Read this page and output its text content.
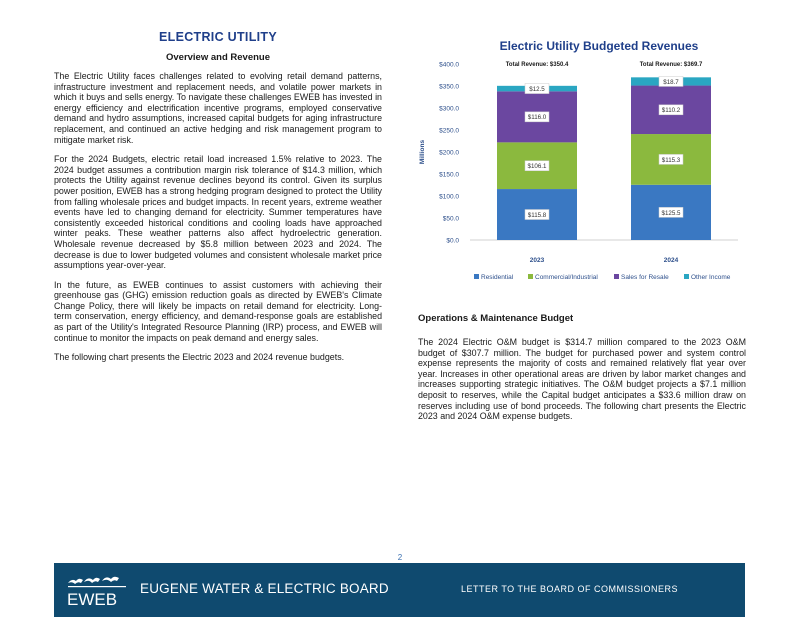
ELECTRIC UTILITY
Overview and Revenue

The Electric Utility faces challenges related to evolving retail demand patterns, infrastructure investment and replacement needs, and volatile power markets in which it buys and sells energy. To navigate these challenges EWEB has invested in energy efficiency and electrification incentive programs, employed conservative demand and hydro assumptions, increased capital budgets for aging infrastructure replacement, and continued an active hedging and risk management program to mitigate market risk.

For the 2024 Budgets, electric retail load increased 1.5% relative to 2023. The 2024 budget assumes a contribution margin risk tolerance of $14.3 million, which protects the Utility against revenue declines beyond its control. Given its surplus power position, EWEB has a strong hedging program designed to protect the Utility from falling wholesale prices and budget impacts. In recent years, extreme weather events have led to changing demand for electricity. Summer temperatures have consistently exceeded historical conditions and cooling loads have approached winter peaks. These weather patterns also affect hydroelectric generation. Wholesale revenue decreased by $5.8 million between 2023 and 2024. The decrease is due to lower budgeted volumes and consistent wholesale market price assumptions year-over-year.

In the future, as EWEB continues to assist customers with achieving their greenhouse gas (GHG) emission reduction goals as directed by EWEB's Climate Change Policy, there will likely be impacts on retail demand for electricity. Long-term conservation, energy efficiency, and demand-response goals are established as part of the Utility's Integrated Resource Planning (IRP) process, and EWEB will continue to monitor the impacts on peak demand and energy sales.

The following chart presents the Electric 2023 and 2024 revenue budgets.

Electric Utility Budgeted Revenues
$0.0
$50.0
$100.0
$150.0
$200.0
$250.0
$300.0
$350.0
$400.0
Millions
$115.8
$106.1
$116.0
$12.5
2023
Total Revenue: $350.4
$125.5
$115.3
$110.2
$18.7
2024
Total Revenue: $369.7
Residential	Commercial/Industrial	Sales for Resale	Other Income
Operations & Maintenance Budget

The 2024 Electric O&M budget is $314.7 million compared to the 2023 O&M budget of $307.7 million. The budget for purchased power and system control expense represents the majority of costs and remained relatively flat year over year. Increases in other operational areas are driven by labor market changes and increases supporting strategic initiatives. The O&M budget projects a $7.1 million deposit to reserves, while the Capital budget anticipates a $33.6 million draw on reserves including use of bond proceeds. The following chart presents the Electric 2023 and 2024 O&M expense budgets.

2
EWEB
EUGENE WATER & ELECTRIC BOARD	LETTER TO THE BOARD OF COMMISSIONERS
